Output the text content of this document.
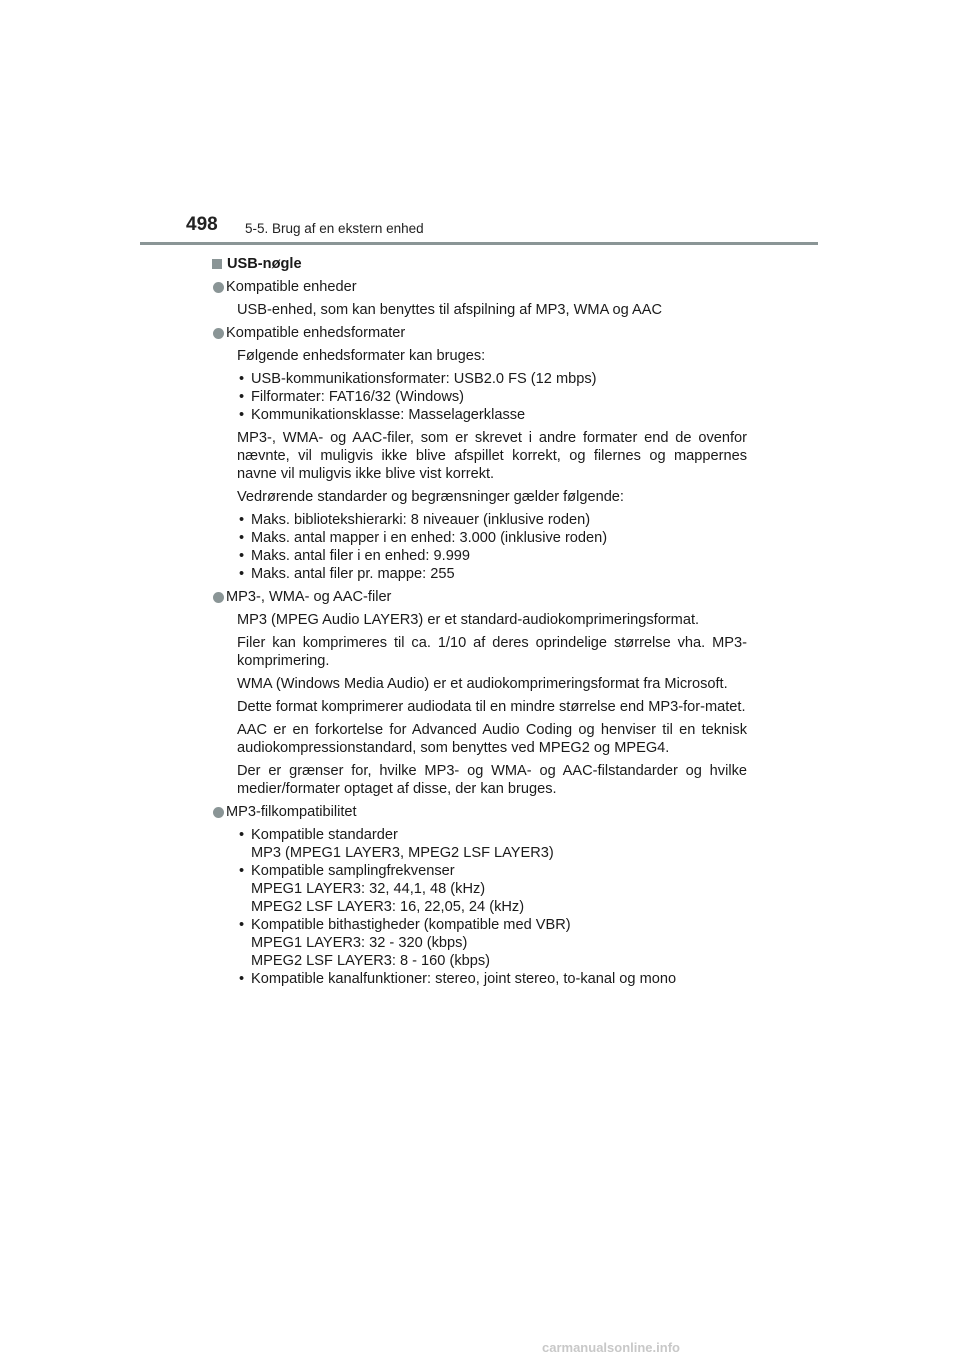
498 5-5. Brug af en ekstern enhed
USB-nøgle
Kompatible enheder
USB-enhed, som kan benyttes til afspilning af MP3, WMA og AAC
Kompatible enhedsformater
Følgende enhedsformater kan bruges:
• USB-kommunikationsformater: USB2.0 FS (12 mbps)
• Filformater: FAT16/32 (Windows)
• Kommunikationsklasse: Masselagerklasse
MP3-, WMA- og AAC-filer, som er skrevet i andre formater end de ovenfor nævnte, vil muligvis ikke blive afspillet korrekt, og filernes og mappernes navne vil muligvis ikke blive vist korrekt.
Vedrørende standarder og begrænsninger gælder følgende:
• Maks. bibliotekshierarki: 8 niveauer (inklusive roden)
• Maks. antal mapper i en enhed: 3.000 (inklusive roden)
• Maks. antal filer i en enhed: 9.999
• Maks. antal filer pr. mappe: 255
MP3-, WMA- og AAC-filer
MP3 (MPEG Audio LAYER3) er et standard-audiokomprimeringsformat.
Filer kan komprimeres til ca. 1/10 af deres oprindelige størrelse vha. MP3-komprimering.
WMA (Windows Media Audio) er et audiokomprimeringsformat fra Microsoft.
Dette format komprimerer audiodata til en mindre størrelse end MP3-for-matet.
AAC er en forkortelse for Advanced Audio Coding og henviser til en teknisk audiokompressionstandard, som benyttes ved MPEG2 og MPEG4.
Der er grænser for, hvilke MP3- og WMA- og AAC-filstandarder og hvilke medier/formater optaget af disse, der kan bruges.
MP3-filkompatibilitet
• Kompatible standarder
MP3 (MPEG1 LAYER3, MPEG2 LSF LAYER3)
• Kompatible samplingfrekvenser
MPEG1 LAYER3: 32, 44,1, 48 (kHz)
MPEG2 LSF LAYER3: 16, 22,05, 24 (kHz)
• Kompatible bithastigheder (kompatible med VBR)
MPEG1 LAYER3: 32 - 320 (kbps)
MPEG2 LSF LAYER3: 8 - 160 (kbps)
• Kompatible kanalfunktioner: stereo, joint stereo, to-kanal og mono
carmanualsonline.info
